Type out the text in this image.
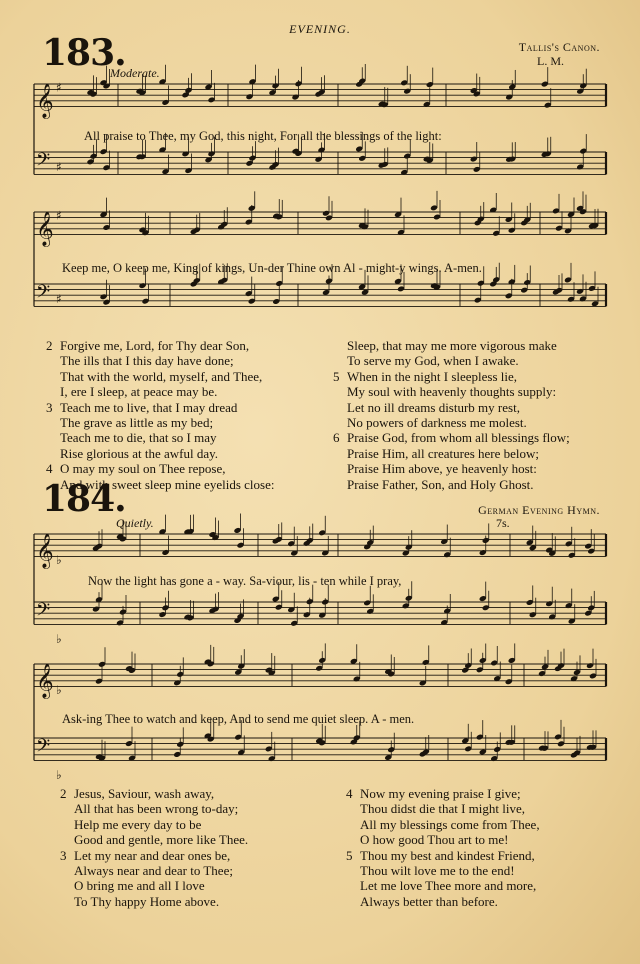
EVENING.
183.	Tallis's Canon.
L. M.
Moderate.
𝄞 ♯
𝄢 ♯
𝄞 ♯
𝄢 ♯
𝄞 ♭
𝄢
♭
𝄞 ♭
𝄢
♭
All praise to Thee, my God, this night, For all the blessings of the light:
Keep me, O keep me, King of kings, Un-der Thine own Al - might-y wings. A-men.
2 Forgive me, Lord, for Thy dear Son,
The ills that I this day have done;
That with the world, myself, and Thee,
I, ere I sleep, at peace may be.
3 Teach me to live, that I may dread
The grave as little as my bed;
Teach me to die, that so I may
Rise glorious at the awful day.
4 O may my soul on Thee repose,
And with sweet sleep mine eyelids close:
Sleep, that may me more vigorous make
To serve my God, when I awake.
5 When in the night I sleepless lie,
My soul with heavenly thoughts supply:
Let no ill dreams disturb my rest,
No powers of darkness me molest.
6 Praise God, from whom all blessings flow;
Praise Him, all creatures here below;
Praise Him above, ye heavenly host:
Praise Father, Son, and Holy Ghost.
184.	German Evening Hymn.
7s.
Quietly.
Now the light has gone a - way. Sa-viour, lis - ten while I pray,
Ask-ing Thee to watch and keep, And to send me quiet sleep. A - men.
2 Jesus, Saviour, wash away,
All that has been wrong to-day;
Help me every day to be
Good and gentle, more like Thee.
3 Let my near and dear ones be,
Always near and dear to Thee;
O bring me and all I love
To Thy happy Home above.
4 Now my evening praise I give;
Thou didst die that I might live,
All my blessings come from Thee,
O how good Thou art to me!
5 Thou my best and kindest Friend,
Thou wilt love me to the end!
Let me love Thee more and more,
Always better than before.
